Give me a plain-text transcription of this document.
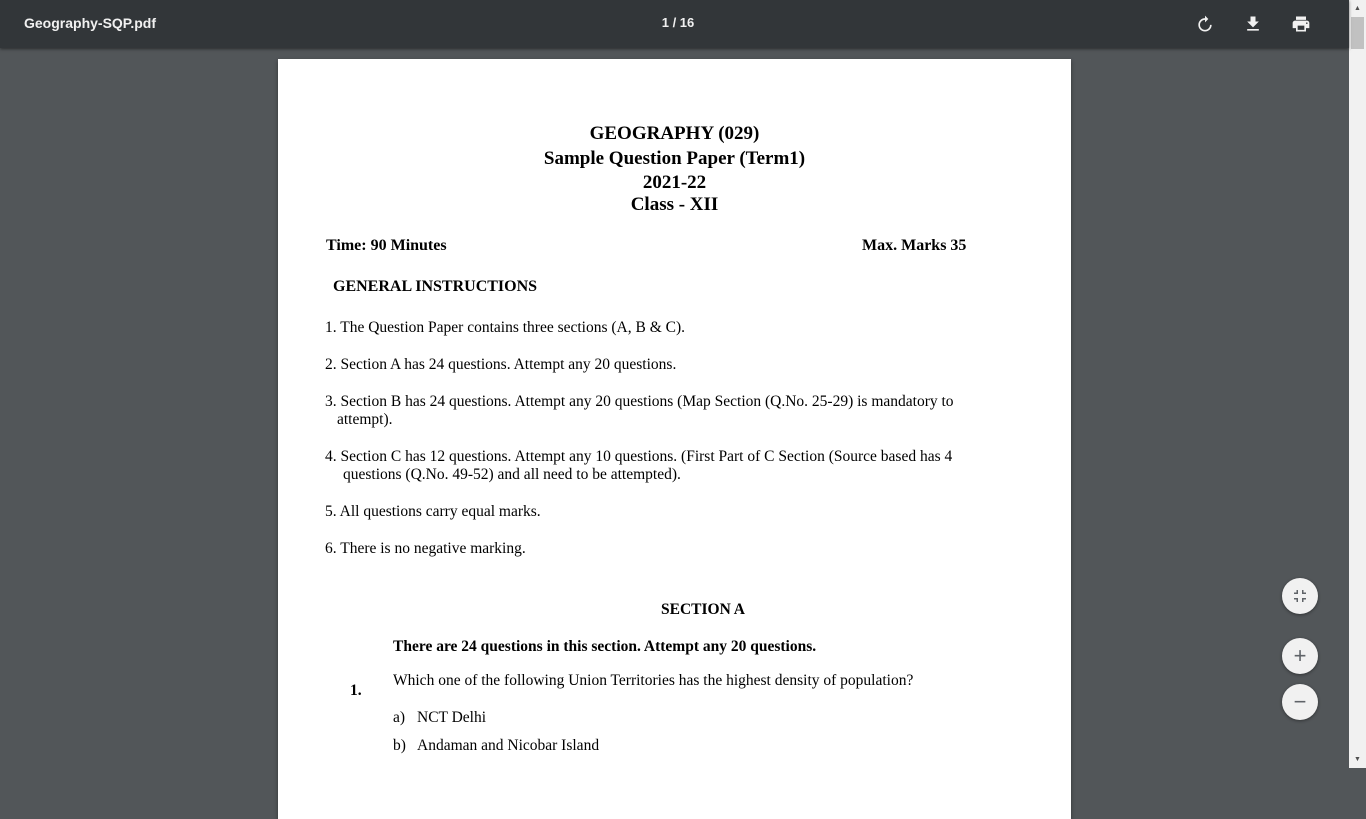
Geography-SQP.pdf	1 / 16
GEOGRAPHY (029)
Sample Question Paper (Term1)
2021-22
Class - XII
Time: 90 Minutes	Max. Marks 35
GENERAL INSTRUCTIONS
1. The Question Paper contains three sections (A, B & C).
2. Section A has 24 questions. Attempt any 20 questions.
3. Section B has 24 questions. Attempt any 20 questions (Map Section (Q.No. 25-29) is mandatory to
attempt).
4. Section C has 12 questions. Attempt any 10 questions. (First Part of C Section (Source based has 4
questions (Q.No. 49-52) and all need to be attempted).
5. All questions carry equal marks.
6. There is no negative marking.
SECTION A
There are 24 questions in this section. Attempt any 20 questions.
1.
Which one of the following Union Territories has the highest density of population?
a) NCT Delhi
b) Andaman and Nicobar Island
+
−
▲
▼
